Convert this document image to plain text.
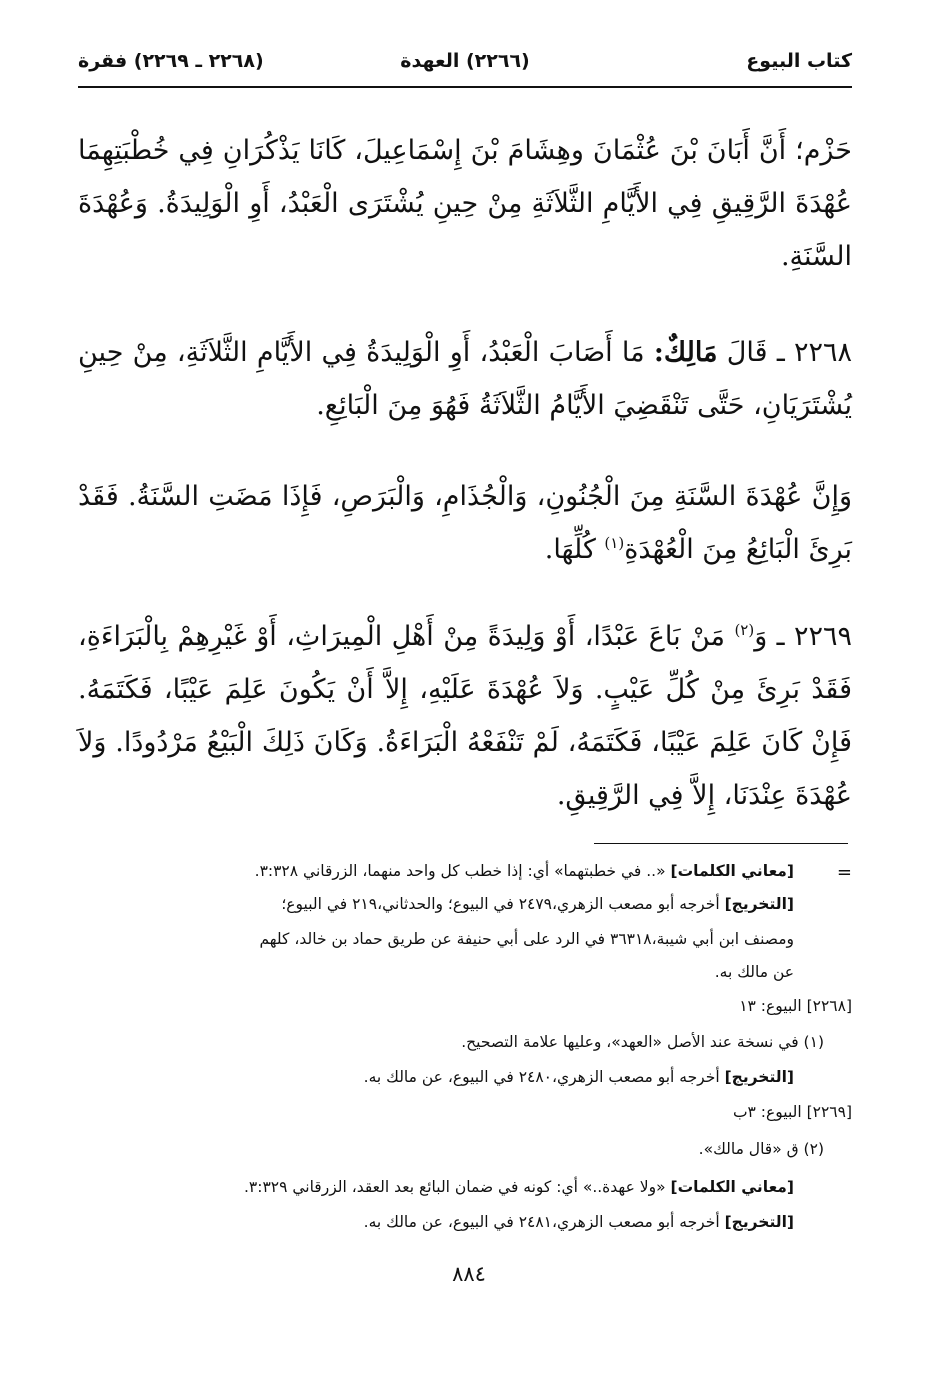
كتاب البيوع
(٢٢٦٦) العهدة
(٢٢٦٨ ـ ٢٢٦٩) فقرة
حَزْم؛ أَنَّ أَبَانَ بْنَ عُثْمَانَ وهِشَامَ بْنَ إِسْمَاعِيلَ، كَانَا يَذْكُرَانِ فِي خُطْبَتِهِمَا عُهْدَةَ الرَّقِيقِ فِي الأَيَّامِ الثَّلاَثَةِ مِنْ حِينِ يُشْتَرَى الْعَبْدُ، أَوِ الْوَلِيدَةُ. وَعُهْدَةَ السَّنَةِ.
٢٢٦٨ ـ قَالَ مَالِكٌ: مَا أَصَابَ الْعَبْدُ، أَوِ الْوَلِيدَةُ فِي الأَيَّامِ الثَّلاَثَةِ، مِنْ حِينِ يُشْتَرَيَانِ، حَتَّى تَنْقَضِيَ الأَيَّامُ الثَّلاَثَةُ فَهُوَ مِنَ الْبَائِعِ.
وَإِنَّ عُهْدَةَ السَّنَةِ مِنَ الْجُنُونِ، وَالْجُذَامِ، وَالْبَرَصِ، فَإِذَا مَضَتِ السَّنَةُ. فَقَدْ بَرِئَ الْبَائِعُ مِنَ الْعُهْدَةِ$^{(١)}$ كُلِّهَا.
٢٢٦٩ ـ وَ$^{(٢)}$ مَنْ بَاعَ عَبْدًا، أَوْ وَلِيدَةً مِنْ أَهْلِ الْمِيرَاثِ، أَوْ غَيْرِهِمْ بِالْبَرَاءَةِ، فَقَدْ بَرِئَ مِنْ كُلِّ عَيْبٍ. وَلاَ عُهْدَةَ عَلَيْهِ، إِلاَّ أَنْ يَكُونَ عَلِمَ عَيْبًا، فَكَتَمَهُ. فَإِنْ كَانَ عَلِمَ عَيْبًا، فَكَتَمَهُ، لَمْ تَنْفَعْهُ الْبَرَاءَةُ. وَكَانَ ذَلِكَ الْبَيْعُ مَرْدُودًا. وَلاَ عُهْدَةَ عِنْدَنَا، إِلاَّ فِي الرَّقِيقِ.
=
[معاني الكلمات] «.. في خطبتهما» أي: إذا خطب كل واحد منهما، الزرقاني ٣:٣٢٨.
[التخريج] أخرجه أبو مصعب الزهري،٢٤٧٩ في البيوع؛ والحدثاني،٢١٩ في البيوع؛
ومصنف ابن أبي شيبة،٣٦٣١٨ في الرد على أبي حنيفة عن طريق حماد بن خالد، كلهم
عن مالك به.
[٢٢٦٨] البيوع: ١٣
(١) في نسخة عند الأصل «العهد»، وعليها علامة التصحيح.
[التخريج] أخرجه أبو مصعب الزهري،٢٤٨٠ في البيوع، عن مالك به.
[٢٢٦٩] البيوع: ٣ب
(٢) ق «قال مالك».
[معاني الكلمات] «ولا عهدة..» أي: كونه في ضمان البائع بعد العقد، الزرقاني ٣:٣٢٩.
[التخريج] أخرجه أبو مصعب الزهري،٢٤٨١ في البيوع، عن مالك به.
٨٨٤
